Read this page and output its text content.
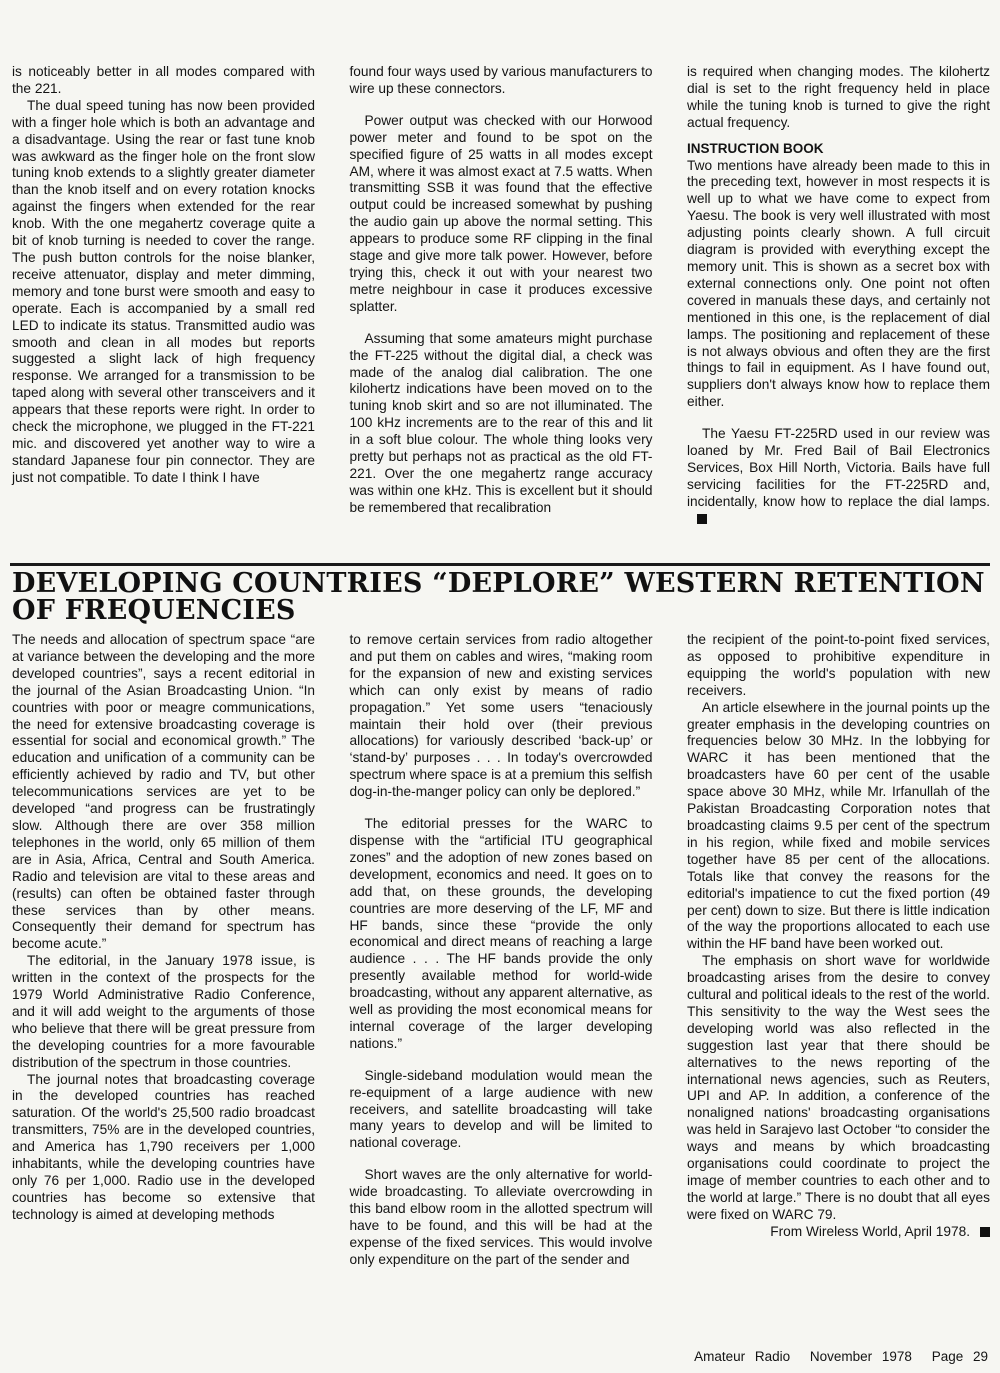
is noticeably better in all modes compared with the 221.

The dual speed tuning has now been provided with a finger hole which is both an advantage and a disadvantage. Using the rear or fast tune knob was awkward as the finger hole on the front slow tuning knob extends to a slightly greater diameter than the knob itself and on every rotation knocks against the fingers when extended for the rear knob. With the one megahertz coverage quite a bit of knob turning is needed to cover the range. The push button controls for the noise blanker, receive attenuator, display and meter dimming, memory and tone burst were smooth and easy to operate. Each is accompanied by a small red LED to indicate its status. Transmitted audio was smooth and clean in all modes but reports suggested a slight lack of high frequency response. We arranged for a transmission to be taped along with several other transceivers and it appears that these reports were right. In order to check the microphone, we plugged in the FT-221 mic. and discovered yet another way to wire a standard Japanese four pin connector. They are just not compatible. To date I think I have

found four ways used by various manufacturers to wire up these connectors.

Power output was checked with our Horwood power meter and found to be spot on the specified figure of 25 watts in all modes except AM, where it was almost exact at 7.5 watts. When transmitting SSB it was found that the effective output could be increased somewhat by pushing the audio gain up above the normal setting. This appears to produce some RF clipping in the final stage and give more talk power. However, before trying this, check it out with your nearest two metre neighbour in case it produces excessive splatter.

Assuming that some amateurs might purchase the FT-225 without the digital dial, a check was made of the analog dial calibration. The one kilohertz indications have been moved on to the tuning knob skirt and so are not illuminated. The 100 kHz increments are to the rear of this and lit in a soft blue colour. The whole thing looks very pretty but perhaps not as practical as the old FT-221. Over the one megahertz range accuracy was within one kHz. This is excellent but it should be remembered that recalibration

is required when changing modes. The kilohertz dial is set to the right frequency held in place while the tuning knob is turned to give the right actual frequency.

INSTRUCTION BOOK

Two mentions have already been made to this in the preceding text, however in most respects it is well up to what we have come to expect from Yaesu. The book is very well illustrated with most adjusting points clearly shown. A full circuit diagram is provided with everything except the memory unit. This is shown as a secret box with external connections only. One point not often covered in manuals these days, and certainly not mentioned in this one, is the replacement of dial lamps. The positioning and replacement of these is not always obvious and often they are the first things to fail in equipment. As I have found out, suppliers don't always know how to replace them either.

The Yaesu FT-225RD used in our review was loaned by Mr. Fred Bail of Bail Electronics Services, Box Hill North, Victoria. Bails have full servicing facilities for the FT-225RD and, incidentally, know how to replace the dial lamps.

DEVELOPING COUNTRIES “DEPLORE” WESTERN RETENTION OF FREQUENCIES

The needs and allocation of spectrum space “are at variance between the developing and the more developed countries”, says a recent editorial in the journal of the Asian Broadcasting Union. “In countries with poor or meagre communications, the need for extensive broadcasting coverage is essential for social and economical growth.” The education and unification of a community can be efficiently achieved by radio and TV, but other telecommunications services are yet to be developed “and progress can be frustratingly slow. Although there are over 358 million telephones in the world, only 65 million of them are in Asia, Africa, Central and South America. Radio and television are vital to these areas and (results) can often be obtained faster through these services than by other means. Consequently their demand for spectrum has become acute.”

The editorial, in the January 1978 issue, is written in the context of the prospects for the 1979 World Administrative Radio Conference, and it will add weight to the arguments of those who believe that there will be great pressure from the developing countries for a more favourable distribution of the spectrum in those countries.

The journal notes that broadcasting coverage in the developed countries has reached saturation. Of the world's 25,500 radio broadcast transmitters, 75% are in the developed countries, and America has 1,790 receivers per 1,000 inhabitants, while the developing countries have only 76 per 1,000. Radio use in the developed countries has become so extensive that technology is aimed at developing methods

to remove certain services from radio altogether and put them on cables and wires, “making room for the expansion of new and existing services which can only exist by means of radio propagation.” Yet some users “tenaciously maintain their hold over (their previous allocations) for variously described ‘back-up’ or ‘stand-by’ purposes . . . In today's overcrowded spectrum where space is at a premium this selfish dog-in-the-manger policy can only be deplored.”

The editorial presses for the WARC to dispense with the “artificial ITU geographical zones” and the adoption of new zones based on development, economics and need. It goes on to add that, on these grounds, the developing countries are more deserving of the LF, MF and HF bands, since these “provide the only economical and direct means of reaching a large audience . . . The HF bands provide the only presently available method for world-wide broadcasting, without any apparent alternative, as well as providing the most economical means for internal coverage of the larger developing nations.”

Single-sideband modulation would mean the re-equipment of a large audience with new receivers, and satellite broadcasting will take many years to develop and will be limited to national coverage.

Short waves are the only alternative for world-wide broadcasting. To alleviate overcrowding in this band elbow room in the allotted spectrum will have to be found, and this will be had at the expense of the fixed services. This would involve only expenditure on the part of the sender and

the recipient of the point-to-point fixed services, as opposed to prohibitive expenditure in equipping the world's population with new receivers.

An article elsewhere in the journal points up the greater emphasis in the developing countries on frequencies below 30 MHz. In the lobbying for WARC it has been mentioned that the broadcasters have 60 per cent of the usable space above 30 MHz, while Mr. Irfanullah of the Pakistan Broadcasting Corporation notes that broadcasting claims 9.5 per cent of the spectrum in his region, while fixed and mobile services together have 85 per cent of the allocations. Totals like that convey the reasons for the editorial's impatience to cut the fixed portion (49 per cent) down to size. But there is little indication of the way the proportions allocated to each use within the HF band have been worked out.

The emphasis on short wave for worldwide broadcasting arises from the desire to convey cultural and political ideals to the rest of the world. This sensitivity to the way the West sees the developing world was also reflected in the suggestion last year that there should be alternatives to the news reporting of the international news agencies, such as Reuters, UPI and AP. In addition, a conference of the nonaligned nations' broadcasting organisations was held in Sarajevo last October “to consider the ways and means by which broadcasting organisations could coordinate to project the image of member countries to each other and to the world at large.” There is no doubt that all eyes were fixed on WARC 79.

From Wireless World, April 1978.

Amateur Radio November 1978 Page 29
